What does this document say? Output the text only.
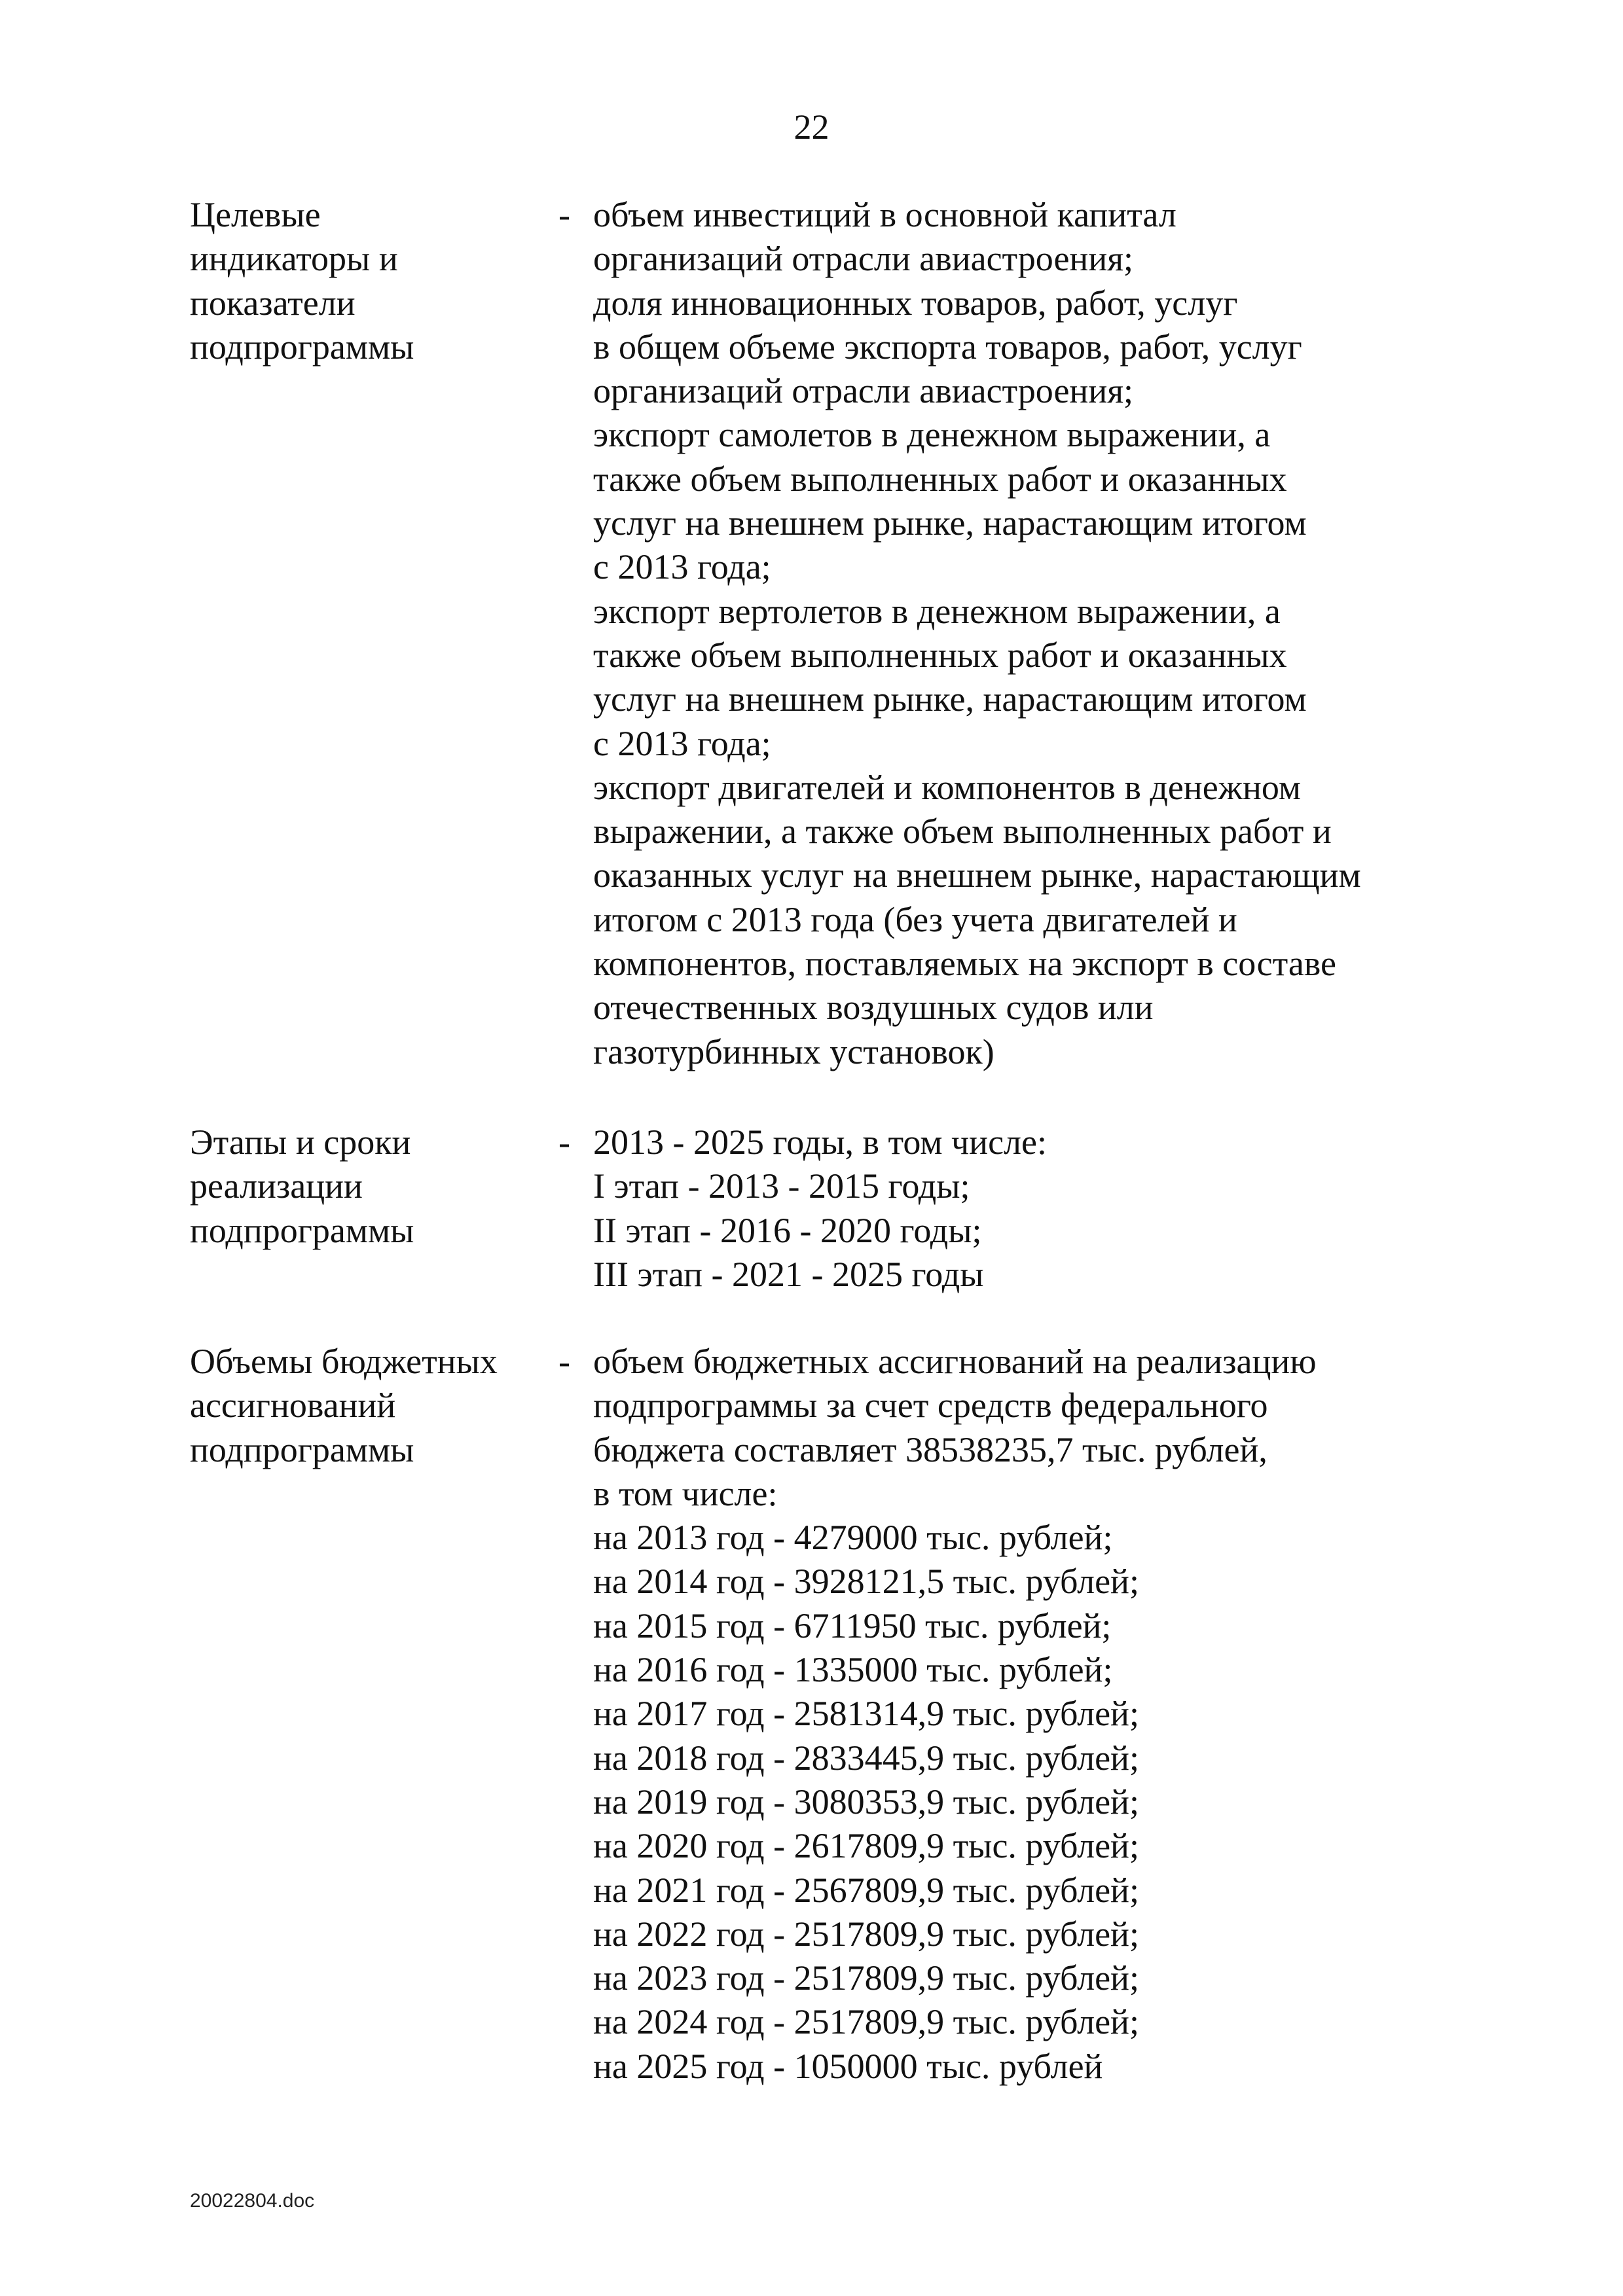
22
Целевые
индикаторы и
показатели
подпрограммы
- объем инвестиций в основной капитал
организаций отрасли авиастроения;
доля инновационных товаров, работ, услуг
в общем объеме экспорта товаров, работ, услуг
организаций отрасли авиастроения;
экспорт самолетов в денежном выражении, а
также объем выполненных работ и оказанных
услуг на внешнем рынке, нарастающим итогом
с 2013 года;
экспорт вертолетов в денежном выражении, а
также объем выполненных работ и оказанных
услуг на внешнем рынке, нарастающим итогом
с 2013 года;
экспорт двигателей и компонентов в денежном
выражении, а также объем выполненных работ и
оказанных услуг на внешнем рынке, нарастающим
итогом с 2013 года (без учета двигателей и
компонентов, поставляемых на экспорт в составе
отечественных воздушных судов или
газотурбинных установок)
Этапы и сроки
реализации
подпрограммы
- 2013 - 2025 годы, в том числе:
I этап - 2013 - 2015 годы;
II этап - 2016 - 2020 годы;
III этап - 2021 - 2025 годы
Объемы бюджетных
ассигнований
подпрограммы
- объем бюджетных ассигнований на реализацию
подпрограммы за счет средств федерального
бюджета составляет 38538235,7 тыс. рублей,
в том числе:
на 2013 год - 4279000 тыс. рублей;
на 2014 год - 3928121,5 тыс. рублей;
на 2015 год - 6711950 тыс. рублей;
на 2016 год - 1335000 тыс. рублей;
на 2017 год - 2581314,9 тыс. рублей;
на 2018 год - 2833445,9 тыс. рублей;
на 2019 год - 3080353,9 тыс. рублей;
на 2020 год - 2617809,9 тыс. рублей;
на 2021 год - 2567809,9 тыс. рублей;
на 2022 год - 2517809,9 тыс. рублей;
на 2023 год - 2517809,9 тыс. рублей;
на 2024 год - 2517809,9 тыс. рублей;
на 2025 год - 1050000 тыс. рублей
20022804.doc
